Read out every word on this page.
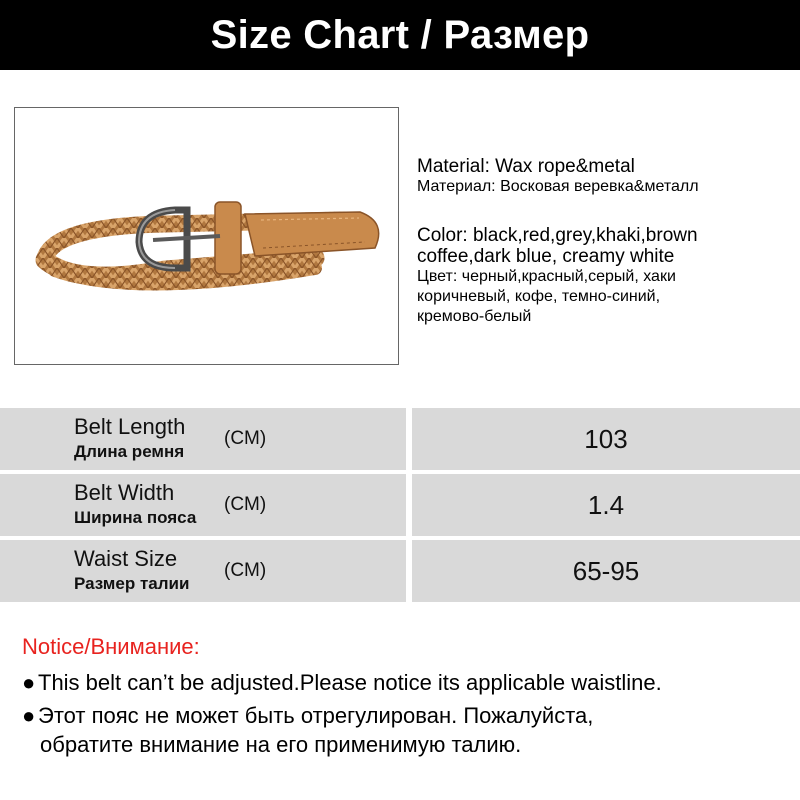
Size Chart / Размер
Material: Wax rope&metal
Материал: Восковая веревка&металл
Color: black,red,grey,khaki,brown
coffee,dark blue, creamy white
Цвет: черный,красный,серый, хаки
коричневый, кофе, темно-синий,
кремово-белый
Belt Length
Длина ремня
(CM)	103
Belt Width
Ширина пояса
(CM)	1.4
Waist Size
Размер талии
(CM)	65-95
Notice/Внимание:
● This belt can’t be adjusted.Please notice its applicable waistline.
● Этот пояс не может быть отрегулирован. Пожалуйста,
обратите внимание на его применимую талию.
